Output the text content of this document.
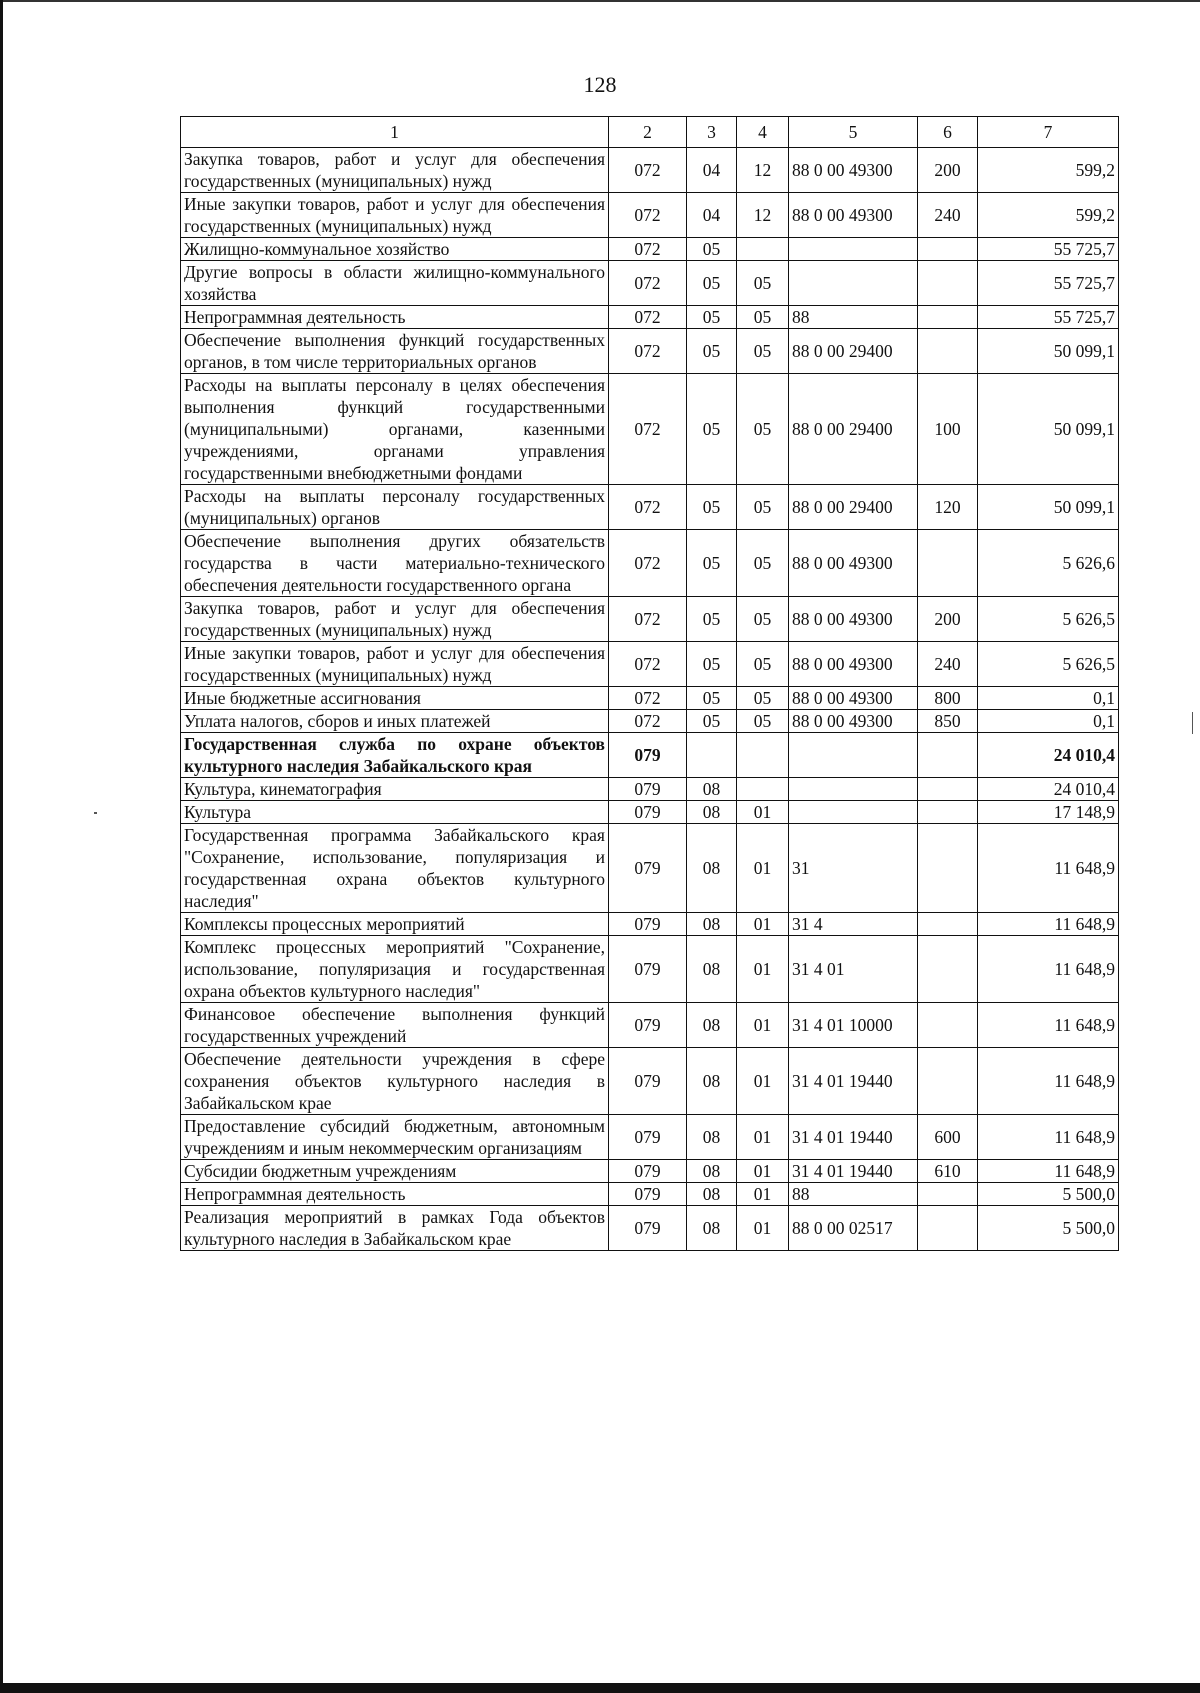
128
1	2	3	4	5	6	7
Закупка товаров, работ и услуг для обеспечения государственных (муниципальных) нужд	072	04	12	88 0 00 49300	200	599,2
Иные закупки товаров, работ и услуг для обеспечения государственных (муниципальных) нужд	072	04	12	88 0 00 49300	240	599,2
Жилищно-коммунальное хозяйство	072	05				55 725,7
Другие вопросы в области жилищно-коммунального хозяйства	072	05	05			55 725,7
Непрограммная деятельность	072	05	05	88		55 725,7
Обеспечение выполнения функций государственных органов, в том числе территориальных органов	072	05	05	88 0 00 29400		50 099,1
Расходы на выплаты персоналу в целях обеспечения выполнения функций государственными (муниципальными) органами, казенными учреждениями, органами управления государственными внебюджетными фондами	072	05	05	88 0 00 29400	100	50 099,1
Расходы на выплаты персоналу государственных (муниципальных) органов	072	05	05	88 0 00 29400	120	50 099,1
Обеспечение выполнения других обязательств государства в части материально-технического обеспечения деятельности государственного органа	072	05	05	88 0 00 49300		5 626,6
Закупка товаров, работ и услуг для обеспечения государственных (муниципальных) нужд	072	05	05	88 0 00 49300	200	5 626,5
Иные закупки товаров, работ и услуг для обеспечения государственных (муниципальных) нужд	072	05	05	88 0 00 49300	240	5 626,5
Иные бюджетные ассигнования	072	05	05	88 0 00 49300	800	0,1
Уплата налогов, сборов и иных платежей	072	05	05	88 0 00 49300	850	0,1
Государственная служба по охране объектов культурного наследия Забайкальского края	079					24 010,4
Культура, кинематография	079	08				24 010,4
Культура	079	08	01			17 148,9
Государственная программа Забайкальского края "Сохранение, использование, популяризация и государственная охрана объектов культурного наследия"	079	08	01	31		11 648,9
Комплексы процессных мероприятий	079	08	01	31 4		11 648,9
Комплекс процессных мероприятий "Сохранение, использование, популяризация и государственная охрана объектов культурного наследия"	079	08	01	31 4 01		11 648,9
Финансовое обеспечение выполнения функций государственных учреждений	079	08	01	31 4 01 10000		11 648,9
Обеспечение деятельности учреждения в сфере сохранения объектов культурного наследия в Забайкальском крае	079	08	01	31 4 01 19440		11 648,9
Предоставление субсидий бюджетным, автономным учреждениям и иным некоммерческим организациям	079	08	01	31 4 01 19440	600	11 648,9
Субсидии бюджетным учреждениям	079	08	01	31 4 01 19440	610	11 648,9
Непрограммная деятельность	079	08	01	88		5 500,0
Реализация мероприятий в рамках Года объектов культурного наследия в Забайкальском крае	079	08	01	88 0 00 02517		5 500,0
